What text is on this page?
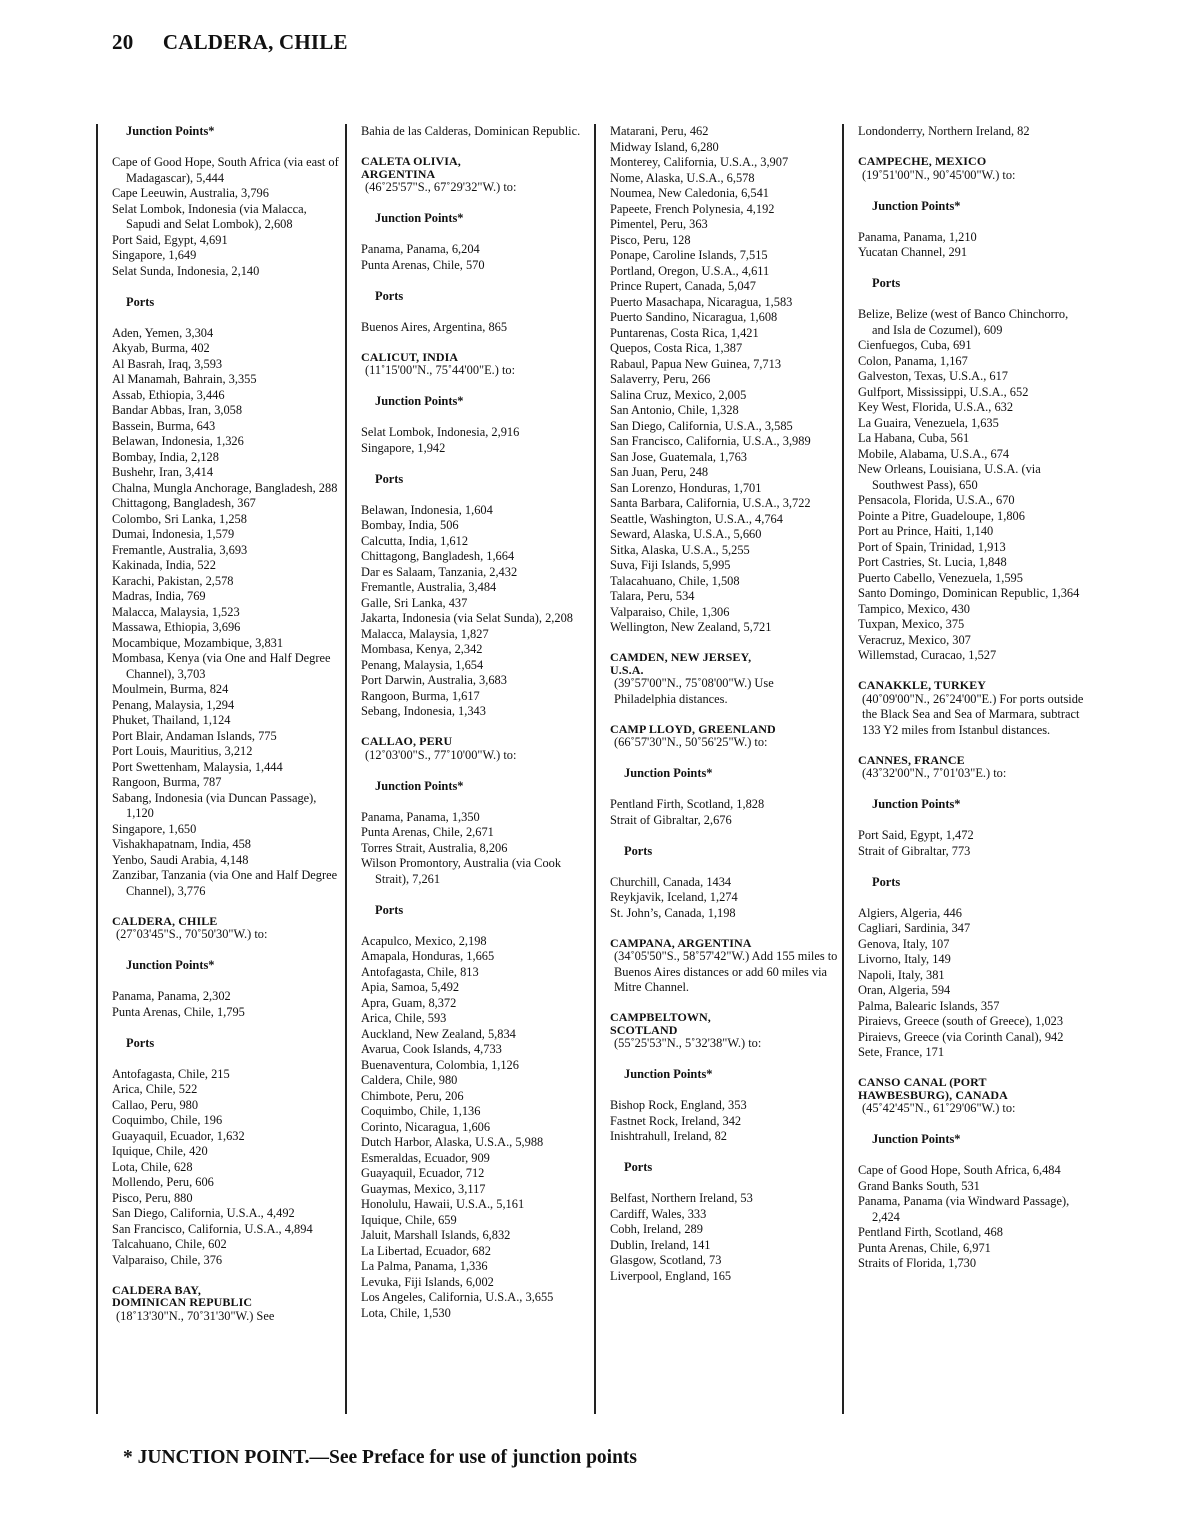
20 CALDERA, CHILE
Junction Points*
Cape of Good Hope, South Africa (via east of Madagascar), 5,444
Cape Leeuwin, Australia, 3,796
Selat Lombok, Indonesia (via Malacca, Sapudi and Selat Lombok), 2,608
Port Said, Egypt, 4,691
Singapore, 1,649
Selat Sunda, Indonesia, 2,140
Ports
Aden, Yemen, 3,304
Akyab, Burma, 402
Al Basrah, Iraq, 3,593
Al Manamah, Bahrain, 3,355
Assab, Ethiopia, 3,446
Bandar Abbas, Iran, 3,058
Bassein, Burma, 643
Belawan, Indonesia, 1,326
Bombay, India, 2,128
Bushehr, Iran, 3,414
Chalna, Mungla Anchorage, Bangladesh, 288
Chittagong, Bangladesh, 367
Colombo, Sri Lanka, 1,258
Dumai, Indonesia, 1,579
Fremantle, Australia, 3,693
Kakinada, India, 522
Karachi, Pakistan, 2,578
Madras, India, 769
Malacca, Malaysia, 1,523
Massawa, Ethiopia, 3,696
Mocambique, Mozambique, 3,831
Mombasa, Kenya (via One and Half Degree Channel), 3,703
Moulmein, Burma, 824
Penang, Malaysia, 1,294
Phuket, Thailand, 1,124
Port Blair, Andaman Islands, 775
Port Louis, Mauritius, 3,212
Port Swettenham, Malaysia, 1,444
Rangoon, Burma, 787
Sabang, Indonesia (via Duncan Passage), 1,120
Singapore, 1,650
Vishakhapatnam, India, 458
Yenbo, Saudi Arabia, 4,148
Zanzibar, Tanzania (via One and Half Degree Channel), 3,776
CALDERA, CHILE
(27˚03'45"S., 70˚50'30"W.) to:
Junction Points*
Panama, Panama, 2,302
Punta Arenas, Chile, 1,795
Ports
Antofagasta, Chile, 215
Arica, Chile, 522
Callao, Peru, 980
Coquimbo, Chile, 196
Guayaquil, Ecuador, 1,632
Iquique, Chile, 420
Lota, Chile, 628
Mollendo, Peru, 606
Pisco, Peru, 880
San Diego, California, U.S.A., 4,492
San Francisco, California, U.S.A., 4,894
Talcahuano, Chile, 602
Valparaiso, Chile, 376
CALDERA BAY,
DOMINICAN REPUBLIC
(18˚13'30"N., 70˚31'30"W.) See
Bahia de las Calderas, Dominican Republic.
CALETA OLIVIA,
ARGENTINA
(46˚25'57"S., 67˚29'32"W.) to:
Junction Points*
Panama, Panama, 6,204
Punta Arenas, Chile, 570
Ports
Buenos Aires, Argentina, 865
CALICUT, INDIA
(11˚15'00"N., 75˚44'00"E.) to:
Junction Points*
Selat Lombok, Indonesia, 2,916
Singapore, 1,942
Ports
Belawan, Indonesia, 1,604
Bombay, India, 506
Calcutta, India, 1,612
Chittagong, Bangladesh, 1,664
Dar es Salaam, Tanzania, 2,432
Fremantle, Australia, 3,484
Galle, Sri Lanka, 437
Jakarta, Indonesia (via Selat Sunda), 2,208
Malacca, Malaysia, 1,827
Mombasa, Kenya, 2,342
Penang, Malaysia, 1,654
Port Darwin, Australia, 3,683
Rangoon, Burma, 1,617
Sebang, Indonesia, 1,343
CALLAO, PERU
(12˚03'00"S., 77˚10'00"W.) to:
Junction Points*
Panama, Panama, 1,350
Punta Arenas, Chile, 2,671
Torres Strait, Australia, 8,206
Wilson Promontory, Australia (via Cook Strait), 7,261
Ports
Acapulco, Mexico, 2,198
Amapala, Honduras, 1,665
Antofagasta, Chile, 813
Apia, Samoa, 5,492
Apra, Guam, 8,372
Arica, Chile, 593
Auckland, New Zealand, 5,834
Avarua, Cook Islands, 4,733
Buenaventura, Colombia, 1,126
Caldera, Chile, 980
Chimbote, Peru, 206
Coquimbo, Chile, 1,136
Corinto, Nicaragua, 1,606
Dutch Harbor, Alaska, U.S.A., 5,988
Esmeraldas, Ecuador, 909
Guayaquil, Ecuador, 712
Guaymas, Mexico, 3,117
Honolulu, Hawaii, U.S.A., 5,161
Iquique, Chile, 659
Jaluit, Marshall Islands, 6,832
La Libertad, Ecuador, 682
La Palma, Panama, 1,336
Levuka, Fiji Islands, 6,002
Los Angeles, California, U.S.A., 3,655
Lota, Chile, 1,530
Matarani, Peru, 462
Midway Island, 6,280
Monterey, California, U.S.A., 3,907
Nome, Alaska, U.S.A., 6,578
Noumea, New Caledonia, 6,541
Papeete, French Polynesia, 4,192
Pimentel, Peru, 363
Pisco, Peru, 128
Ponape, Caroline Islands, 7,515
Portland, Oregon, U.S.A., 4,611
Prince Rupert, Canada, 5,047
Puerto Masachapa, Nicaragua, 1,583
Puerto Sandino, Nicaragua, 1,608
Puntarenas, Costa Rica, 1,421
Quepos, Costa Rica, 1,387
Rabaul, Papua New Guinea, 7,713
Salaverry, Peru, 266
Salina Cruz, Mexico, 2,005
San Antonio, Chile, 1,328
San Diego, California, U.S.A., 3,585
San Francisco, California, U.S.A., 3,989
San Jose, Guatemala, 1,763
San Juan, Peru, 248
San Lorenzo, Honduras, 1,701
Santa Barbara, California, U.S.A., 3,722
Seattle, Washington, U.S.A., 4,764
Seward, Alaska, U.S.A., 5,660
Sitka, Alaska, U.S.A., 5,255
Suva, Fiji Islands, 5,995
Talacahuano, Chile, 1,508
Talara, Peru, 534
Valparaiso, Chile, 1,306
Wellington, New Zealand, 5,721
CAMDEN, NEW JERSEY,
U.S.A.
(39˚57'00"N., 75˚08'00"W.) Use Philadelphia distances.
CAMP LLOYD, GREENLAND
(66˚57'30"N., 50˚56'25"W.) to:
Junction Points*
Pentland Firth, Scotland, 1,828
Strait of Gibraltar, 2,676
Ports
Churchill, Canada, 1434
Reykjavik, Iceland, 1,274
St. John’s, Canada, 1,198
CAMPANA, ARGENTINA
(34˚05'50"S., 58˚57'42"W.) Add 155 miles to Buenos Aires distances or add 60 miles via Mitre Channel.
CAMPBELTOWN,
SCOTLAND
(55˚25'53"N., 5˚32'38"W.) to:
Junction Points*
Bishop Rock, England, 353
Fastnet Rock, Ireland, 342
Inishtrahull, Ireland, 82
Ports
Belfast, Northern Ireland, 53
Cardiff, Wales, 333
Cobh, Ireland, 289
Dublin, Ireland, 141
Glasgow, Scotland, 73
Liverpool, England, 165
Londonderry, Northern Ireland, 82
CAMPECHE, MEXICO
(19˚51'00"N., 90˚45'00"W.) to:
Junction Points*
Panama, Panama, 1,210
Yucatan Channel, 291
Ports
Belize, Belize (west of Banco Chinchorro, and Isla de Cozumel), 609
Cienfuegos, Cuba, 691
Colon, Panama, 1,167
Galveston, Texas, U.S.A., 617
Gulfport, Mississippi, U.S.A., 652
Key West, Florida, U.S.A., 632
La Guaira, Venezuela, 1,635
La Habana, Cuba, 561
Mobile, Alabama, U.S.A., 674
New Orleans, Louisiana, U.S.A. (via Southwest Pass), 650
Pensacola, Florida, U.S.A., 670
Pointe a Pitre, Guadeloupe, 1,806
Port au Prince, Haiti, 1,140
Port of Spain, Trinidad, 1,913
Port Castries, St. Lucia, 1,848
Puerto Cabello, Venezuela, 1,595
Santo Domingo, Dominican Republic, 1,364
Tampico, Mexico, 430
Tuxpan, Mexico, 375
Veracruz, Mexico, 307
Willemstad, Curacao, 1,527
CANAKKLE, TURKEY
(40˚09'00"N., 26˚24'00"E.) For ports outside the Black Sea and Sea of Marmara, subtract 133 Y2 miles from Istanbul distances.
CANNES, FRANCE
(43˚32'00"N., 7˚01'03"E.) to:
Junction Points*
Port Said, Egypt, 1,472
Strait of Gibraltar, 773
Ports
Algiers, Algeria, 446
Cagliari, Sardinia, 347
Genova, Italy, 107
Livorno, Italy, 149
Napoli, Italy, 381
Oran, Algeria, 594
Palma, Balearic Islands, 357
Piraievs, Greece (south of Greece), 1,023
Piraievs, Greece (via Corinth Canal), 942
Sete, France, 171
CANSO CANAL (PORT
HAWBESBURG), CANADA
(45˚42'45"N., 61˚29'06"W.) to:
Junction Points*
Cape of Good Hope, South Africa, 6,484
Grand Banks South, 531
Panama, Panama (via Windward Passage), 2,424
Pentland Firth, Scotland, 468
Punta Arenas, Chile, 6,971
Straits of Florida, 1,730
* JUNCTION POINT.—See Preface for use of junction points
